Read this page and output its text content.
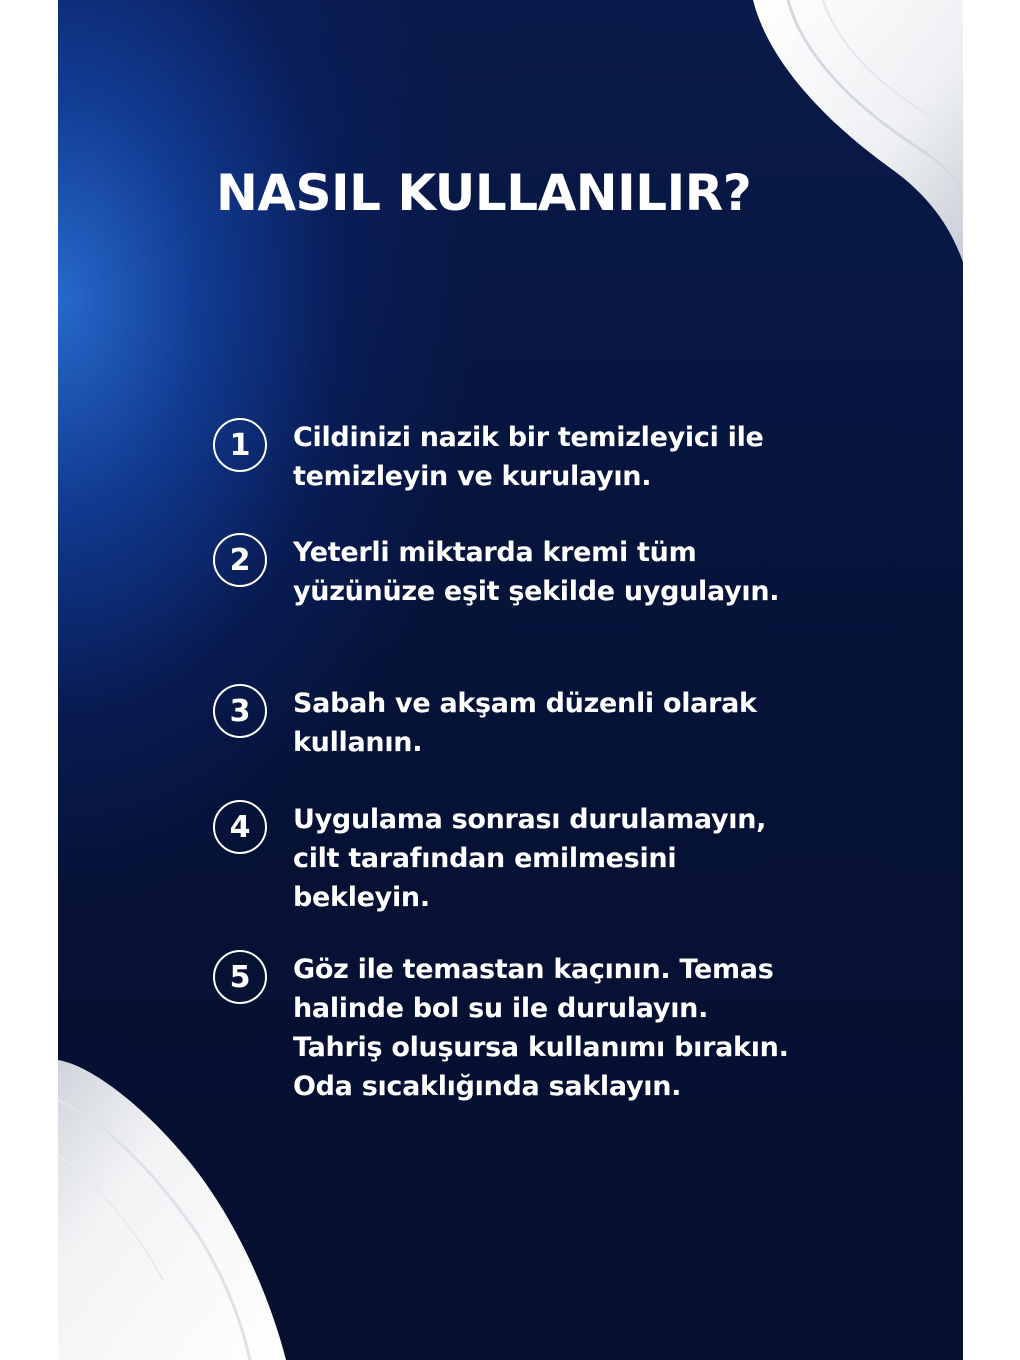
NASIL KULLANILIR?
1	Cildinizi nazik bir temizleyici ile
temizleyin ve kurulayın.
2	Yeterli miktarda kremi tüm
yüzünüze eşit şekilde uygulayın.
3	Sabah ve akşam düzenli olarak
kullanın.
4	Uygulama sonrası durulamayın,
cilt tarafından emilmesini
bekleyin.
5	Göz ile temastan kaçının. Temas
halinde bol su ile durulayın.
Tahriş oluşursa kullanımı bırakın.
Oda sıcaklığında saklayın.
